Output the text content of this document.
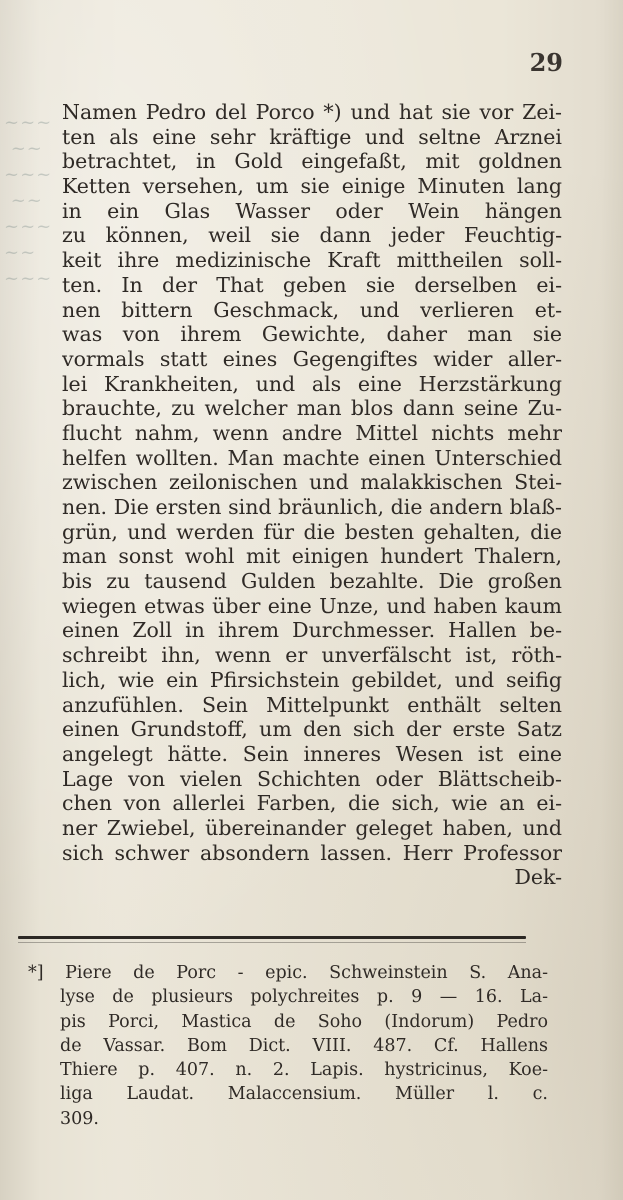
~~~
~~
~~~
~~
~~~
~~
~~~
29
Namen Pedro del Porco *) und hat sie vor Zei-
ten als eine sehr kräftige und seltne Arznei
betrachtet, in Gold eingefaßt, mit goldnen
Ketten versehen, um sie einige Minuten lang
in ein Glas Wasser oder Wein hängen
zu können, weil sie dann jeder Feuchtig-
keit ihre medizinische Kraft mittheilen soll-
ten. In der That geben sie derselben ei-
nen bittern Geschmack, und verlieren et-
was von ihrem Gewichte, daher man sie
vormals statt eines Gegengiftes wider aller-
lei Krankheiten, und als eine Herzstärkung
brauchte, zu welcher man blos dann seine Zu-
flucht nahm, wenn andre Mittel nichts mehr
helfen wollten. Man machte einen Unterschied
zwischen zeilonischen und malakkischen Stei-
nen. Die ersten sind bräunlich, die andern blaß-
grün, und werden für die besten gehalten, die
man sonst wohl mit einigen hundert Thalern,
bis zu tausend Gulden bezahlte. Die großen
wiegen etwas über eine Unze, und haben kaum
einen Zoll in ihrem Durchmesser. Hallen be-
schreibt ihn, wenn er unverfälscht ist, röth-
lich, wie ein Pfirsichstein gebildet, und seifig
anzufühlen. Sein Mittelpunkt enthält selten
einen Grundstoff, um den sich der erste Satz
angelegt hätte. Sein inneres Wesen ist eine
Lage von vielen Schichten oder Blättscheib-
chen von allerlei Farben, die sich, wie an ei-
ner Zwiebel, übereinander geleget haben, und
sich schwer absondern lassen. Herr Professor
Dek-
*] Piere de Porc - epic. Schweinstein S. Ana-
lyse de plusieurs polychreites p. 9 — 16. La-
pis Porci, Mastica de Soho (Indorum) Pedro
de Vassar. Bom Dict. VIII. 487. Cf. Hallens
Thiere p. 407. n. 2. Lapis. hystricinus, Koe-
liga Laudat. Malaccensium. Müller l. c.
309.
